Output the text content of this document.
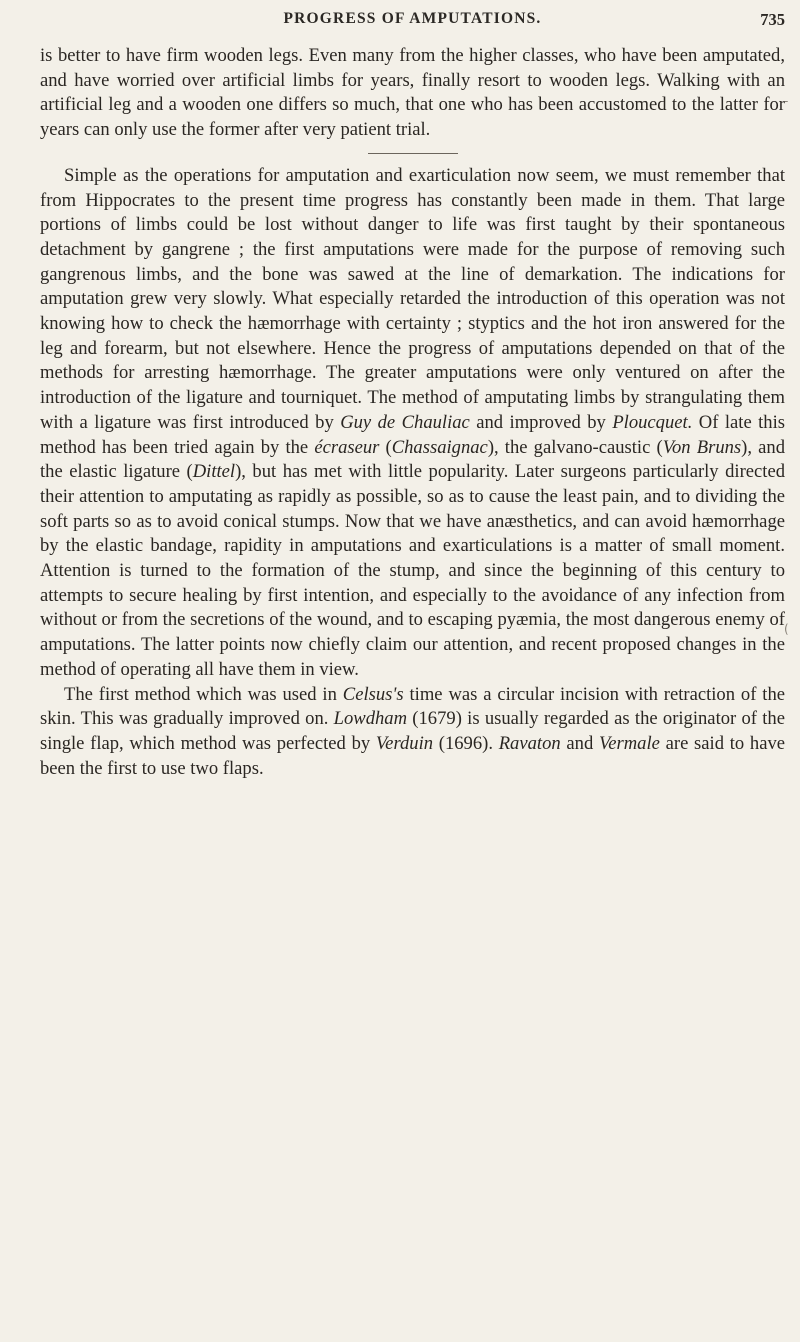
PROGRESS OF AMPUTATIONS.	735

is better to have firm wooden legs. Even many from the higher classes, who have been amputated, and have worried over artificial limbs for years, finally resort to wooden legs. Walking with an artificial leg and a wooden one differs so much, that one who has been accustomed to the latter for years can only use the former after very patient trial.

Simple as the operations for amputation and exarticulation now seem, we must remember that from Hippocrates to the present time progress has constantly been made in them. That large portions of limbs could be lost without danger to life was first taught by their spontaneous detachment by gangrene ; the first amputations were made for the purpose of removing such gangrenous limbs, and the bone was sawed at the line of demarkation. The indications for amputation grew very slowly. What especially retarded the introduction of this operation was not knowing how to check the hæmorrhage with certainty ; styptics and the hot iron answered for the leg and forearm, but not elsewhere. Hence the progress of amputations depended on that of the methods for arresting hæmorrhage. The greater amputations were only ventured on after the introduction of the ligature and tourniquet. The method of amputating limbs by strangulating them with a ligature was first introduced by Guy de Chauliac and improved by Ploucquet. Of late this method has been tried again by the écraseur (Chassaignac), the galvano-caustic (Von Bruns), and the elastic ligature (Dittel), but has met with little popularity. Later surgeons particularly directed their attention to amputating as rapidly as possible, so as to cause the least pain, and to dividing the soft parts so as to avoid conical stumps. Now that we have anæsthetics, and can avoid hæmorrhage by the elastic bandage, rapidity in amputations and exarticulations is a matter of small moment. Attention is turned to the formation of the stump, and since the beginning of this century to attempts to secure healing by first intention, and especially to the avoidance of any infection from without or from the secretions of the wound, and to escaping pyæmia, the most dangerous enemy of amputations. The latter points now chiefly claim our attention, and recent proposed changes in the method of operating all have them in view.

The first method which was used in Celsus's time was a circular incision with retraction of the skin. This was gradually improved on. Lowdham (1679) is usually regarded as the originator of the single flap, which method was perfected by Verduin (1696). Ravaton and Vermale are said to have been the first to use two flaps.

-
(
